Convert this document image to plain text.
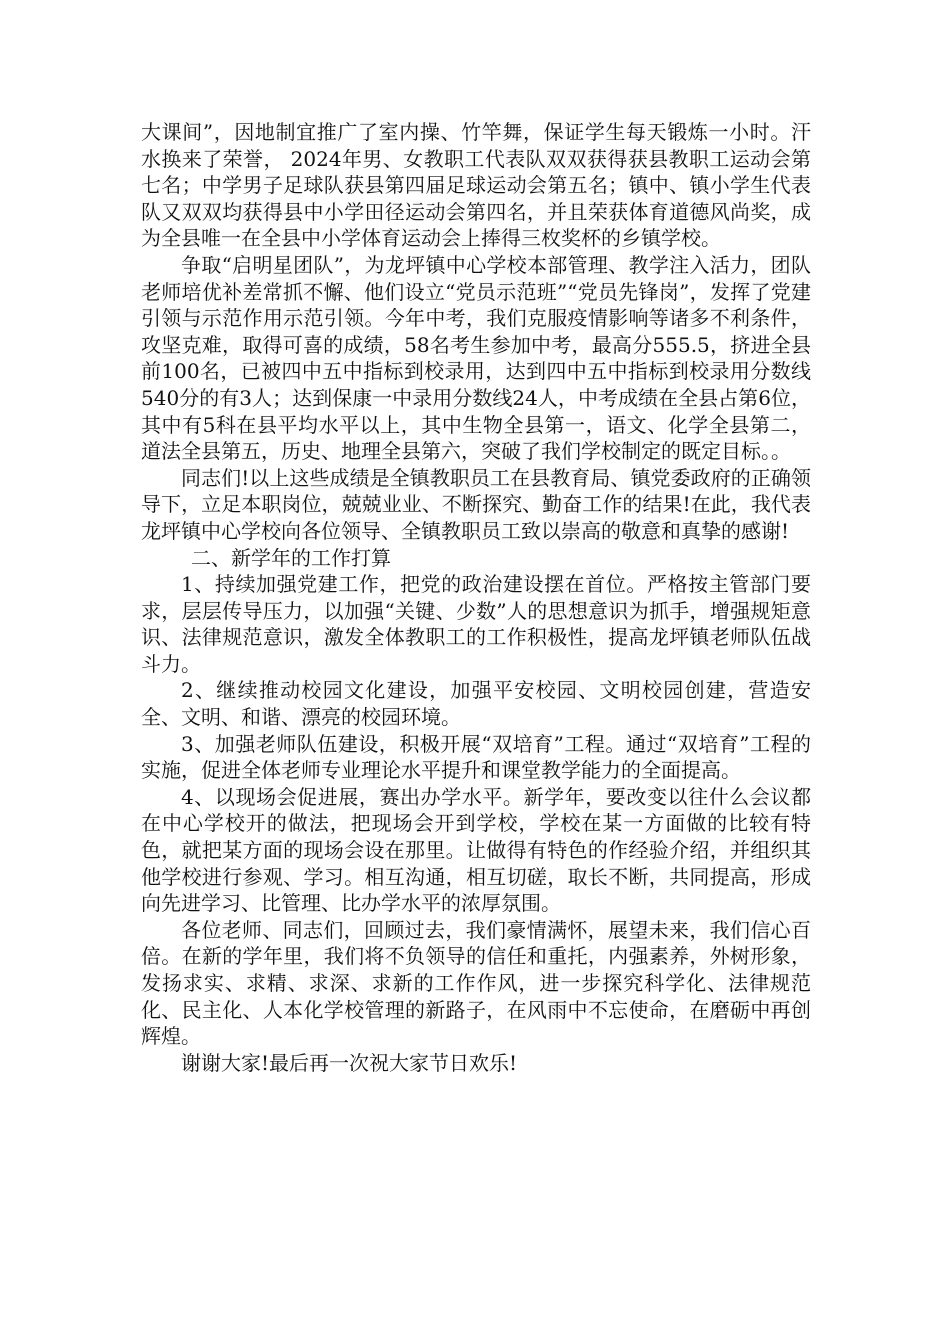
大课间”，因地制宜推广了室内操、竹竿舞，保证学生每天锻炼一小时。汗水换来了荣誉， 2024年男、女教职工代表队双双获得获县教职工运动会第七名；中学男子足球队获县第四届足球运动会第五名；镇中、镇小学生代表队又双双均获得县中小学田径运动会第四名，并且荣获体育道德风尚奖，成为全县唯一在全县中小学体育运动会上捧得三枚奖杯的乡镇学校。

争取“启明星团队”，为龙坪镇中心学校本部管理、教学注入活力，团队老师培优补差常抓不懈、他们设立“党员示范班”“党员先锋岗”，发挥了党建引领与示范作用示范引领。今年中考，我们克服疫情影响等诸多不利条件，攻坚克难，取得可喜的成绩，58名考生参加中考，最高分555.5，挤进全县前100名，已被四中五中指标到校录用，达到四中五中指标到校录用分数线540分的有3人；达到保康一中录用分数线24人，中考成绩在全县占第6位，其中有5科在县平均水平以上，其中生物全县第一，语文、化学全县第二，道法全县第五，历史、地理全县第六，突破了我们学校制定的既定目标。。

同志们!以上这些成绩是全镇教职员工在县教育局、镇党委政府的正确领导下，立足本职岗位，兢兢业业、不断探究、勤奋工作的结果!在此，我代表龙坪镇中心学校向各位领导、全镇教职员工致以崇高的敬意和真挚的感谢!

二、新学年的工作打算

1、持续加强党建工作，把党的政治建设摆在首位。严格按主管部门要求，层层传导压力，以加强“关键、少数”人的思想意识为抓手，增强规矩意识、法律规范意识，激发全体教职工的工作积极性，提高龙坪镇老师队伍战斗力。

2、继续推动校园文化建设，加强平安校园、文明校园创建，营造安全、文明、和谐、漂亮的校园环境。

3、加强老师队伍建设，积极开展“双培育”工程。通过“双培育”工程的实施，促进全体老师专业理论水平提升和课堂教学能力的全面提高。

4、以现场会促进展，赛出办学水平。新学年，要改变以往什么会议都在中心学校开的做法，把现场会开到学校，学校在某一方面做的比较有特色，就把某方面的现场会设在那里。让做得有特色的作经验介绍，并组织其他学校进行参观、学习。相互沟通，相互切磋，取长不断，共同提高，形成向先进学习、比管理、比办学水平的浓厚氛围。

各位老师、同志们，回顾过去，我们豪情满怀，展望未来，我们信心百倍。在新的学年里，我们将不负领导的信任和重托，内强素养，外树形象，发扬求实、求精、求深、求新的工作作风，进一步探究科学化、法律规范化、民主化、人本化学校管理的新路子，在风雨中不忘使命，在磨砺中再创辉煌。

谢谢大家!最后再一次祝大家节日欢乐!
